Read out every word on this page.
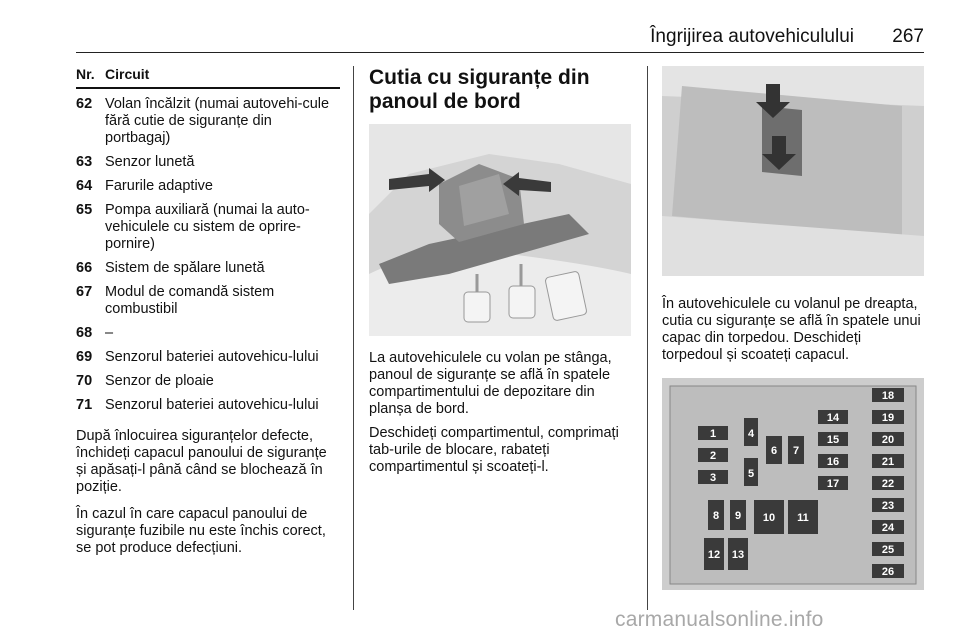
Îngrijirea autovehiculului 267
Nr. Circuit
62 Volan încălzit (numai autovehi-cule fără cutie de siguranțe din portbagaj)
63 Senzor lunetă
64 Farurile adaptive
65 Pompa auxiliară (numai la auto-vehiculele cu sistem de oprire-pornire)
66 Sistem de spălare lunetă
67 Modul de comandă sistem combustibil
68 –
69 Senzorul bateriei autovehicu-lului
70 Senzor de ploaie
71 Senzorul bateriei autovehicu-lului

După înlocuirea siguranțelor defecte, închideți capacul panoului de siguranțe și apăsați-l până când se blochează în poziție.

În cazul în care capacul panoului de siguranțe fuzibile nu este închis corect, se pot produce defecțiuni.

Cutia cu siguranțe din panoul de bord

La autovehiculele cu volan pe stânga, panoul de siguranțe se află în spatele compartimentului de depozitare din planșa de bord.

Deschideți compartimentul, comprimați tab-urile de blocare, rabateți compartimentul și scoateți-l.

În autovehiculele cu volanul pe dreapta, cutia cu siguranțe se află în spatele unui capac din torpedou. Deschideți torpedoul și scoateți capacul.

1
2
3
4
5
6 7
14
15
16
17
8 9 10 11
12 13
18
19
20
21
22
23
24
25
26
carmanualsonline.info
